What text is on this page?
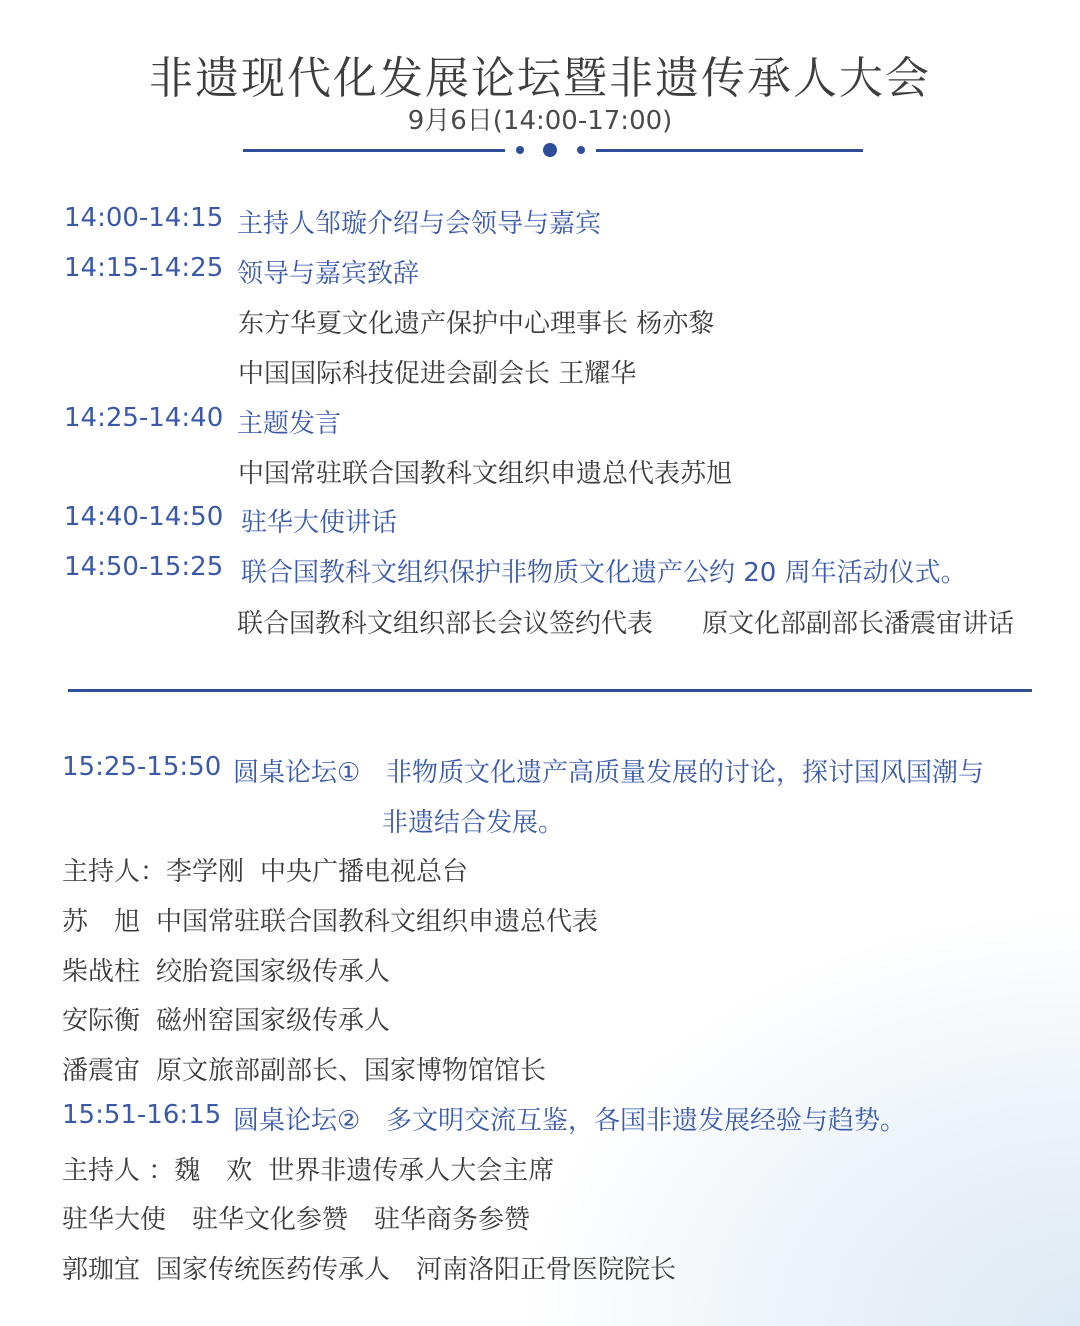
非遗现代化发展论坛暨非遗传承人大会
9月6日(14:00-17:00)
14:00-14:15 主持人邹璇介绍与会领导与嘉宾
14:15-14:25 领导与嘉宾致辞
东方华夏文化遗产保护中心理事长 杨亦黎
中国国际科技促进会副会长 王耀华
14:25-14:40 主题发言
中国常驻联合国教科文组织申遗总代表苏旭
14:40-14:50 驻华大使讲话
14:50-15:25 联合国教科文组织保护非物质文化遗产公约 20 周年活动仪式。
联合国教科文组织部长会议签约代表 原文化部副部长潘震宙讲话
15:25-15:50 圆桌论坛① 非物质文化遗产高质量发展的讨论，探讨国风国潮与
非遗结合发展。
主持人：李学刚 中央广播电视总台
苏　旭 中国常驻联合国教科文组织申遗总代表
柴战柱 绞胎瓷国家级传承人
安际衡 磁州窑国家级传承人
潘震宙 原文旅部副部长、国家博物馆馆长
15:51-16:15 圆桌论坛② 多文明交流互鉴，各国非遗发展经验与趋势。
主持人 ：魏　欢 世界非遗传承人大会主席
驻华大使 驻华文化参赞 驻华商务参赞
郭珈宜 国家传统医药传承人 河南洛阳正骨医院院长
